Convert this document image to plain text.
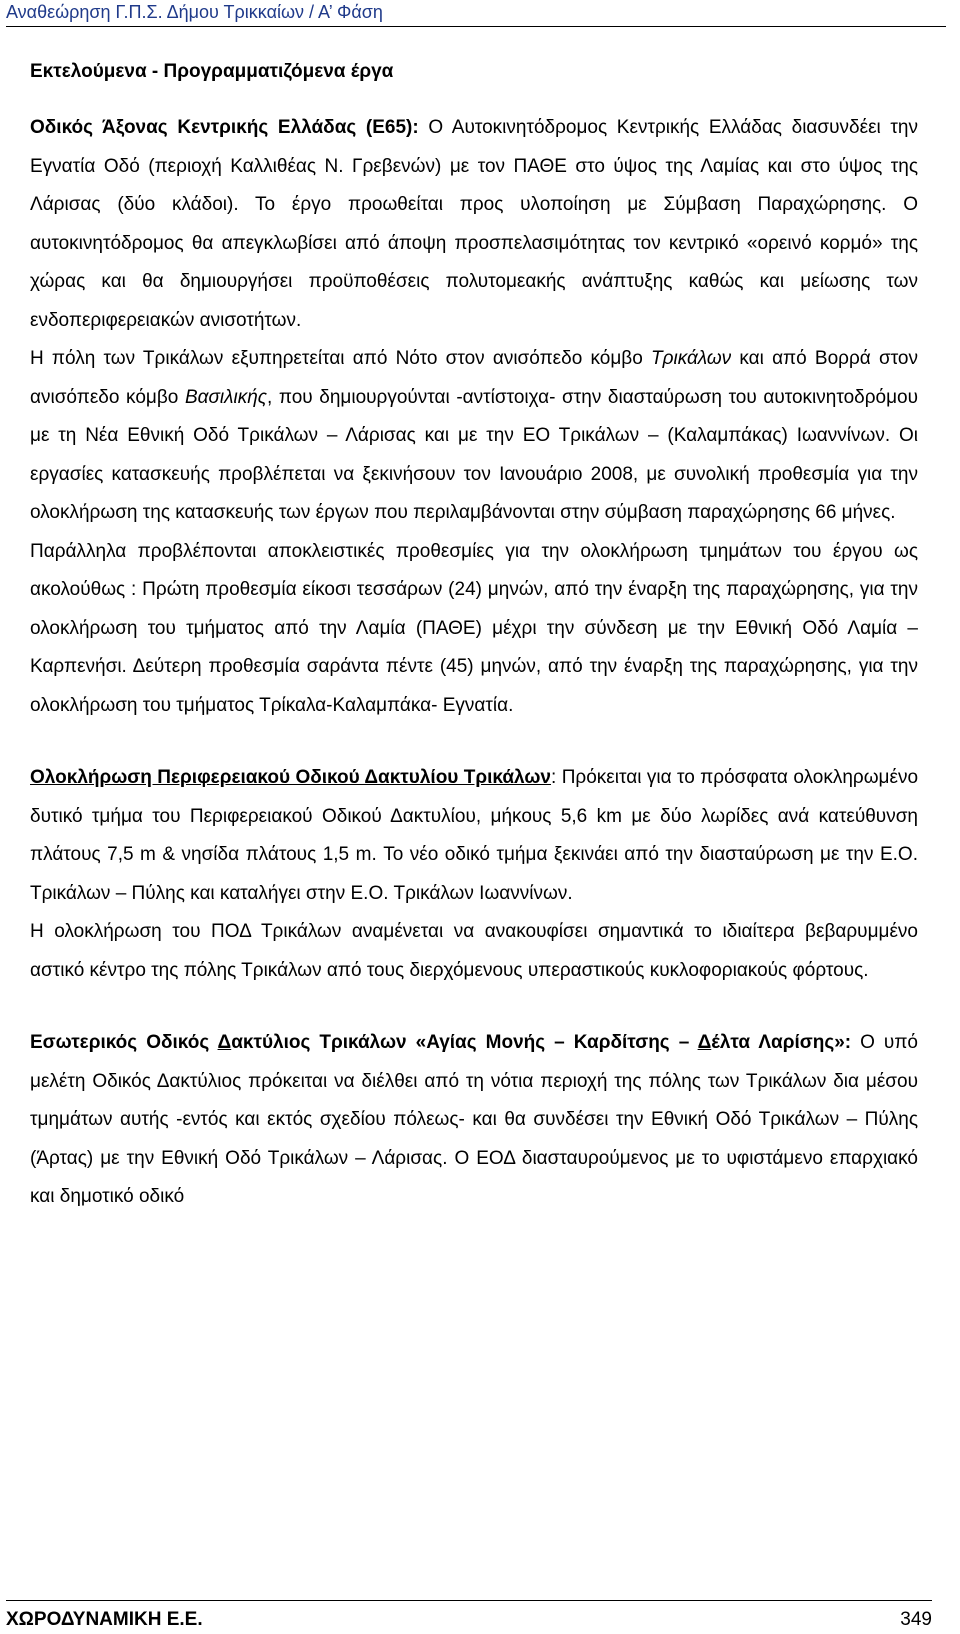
Αναθεώρηση Γ.Π.Σ. Δήμου Τρικκαίων / Α’ Φάση

Εκτελούμενα - Προγραμματιζόμενα έργα

Οδικός Άξονας Κεντρικής Ελλάδας (Ε65): Ο Αυτοκινητόδρομος Κεντρικής Ελλάδας διασυνδέει την Εγνατία Οδό (περιοχή Καλλιθέας Ν. Γρεβενών) με τον ΠΑΘΕ στο ύψος της Λαμίας και στο ύψος της Λάρισας (δύο κλάδοι). Το έργο προωθείται προς υλοποίηση με Σύμβαση Παραχώρησης. Ο αυτοκινητόδρομος θα απεγκλωβίσει από άποψη προσπελασιμότητας τον κεντρικό «ορεινό κορμό» της χώρας και θα δημιουργήσει προϋποθέσεις πολυτομεακής ανάπτυξης καθώς και μείωσης των ενδοπεριφερειακών ανισοτήτων.

Η πόλη των Τρικάλων εξυπηρετείται από Νότο στον ανισόπεδο κόμβο Τρικάλων και από Βορρά στον ανισόπεδο κόμβο Βασιλικής, που δημιουργούνται -αντίστοιχα- στην διασταύρωση του αυτοκινητοδρόμου με τη Νέα Εθνική Οδό Τρικάλων – Λάρισας και με την ΕΟ Τρικάλων – (Καλαμπάκας) Ιωαννίνων. Οι εργασίες κατασκευής προβλέπεται να ξεκινήσουν τον Ιανουάριο 2008, με συνολική προθεσμία για την ολοκλήρωση της κατασκευής των έργων που περιλαμβάνονται στην σύμβαση παραχώρησης 66 μήνες.

Παράλληλα προβλέπονται αποκλειστικές προθεσμίες για την ολοκλήρωση τμημάτων του έργου ως ακολούθως : Πρώτη προθεσμία είκοσι τεσσάρων (24) μηνών, από την έναρξη της παραχώρησης, για την ολοκλήρωση του τμήματος από την Λαμία (ΠΑΘΕ) μέχρι την σύνδεση με την Εθνική Οδό Λαμία –Καρπενήσι. Δεύτερη προθεσμία σαράντα πέντε (45) μηνών, από την έναρξη της παραχώρησης, για την ολοκλήρωση του τμήματος Τρίκαλα-Καλαμπάκα- Εγνατία.

Ολοκλήρωση Περιφερειακού Οδικού Δακτυλίου Τρικάλων: Πρόκειται για το πρόσφατα ολοκληρωμένο δυτικό τμήμα του Περιφερειακού Οδικού Δακτυλίου, μήκους 5,6 km με δύο λωρίδες ανά κατεύθυνση πλάτους 7,5 m & νησίδα πλάτους 1,5 m. Το νέο οδικό τμήμα ξεκινάει από την διασταύρωση με την Ε.Ο. Τρικάλων – Πύλης και καταλήγει στην Ε.Ο. Τρικάλων Ιωαννίνων.

Η ολοκλήρωση του ΠΟΔ Τρικάλων αναμένεται να ανακουφίσει σημαντικά το ιδιαίτερα βεβαρυμμένο αστικό κέντρο της πόλης Τρικάλων από τους διερχόμενους υπεραστικούς κυκλοφοριακούς φόρτους.

Εσωτερικός Οδικός Δακτύλιος Τρικάλων «Αγίας Μονής – Καρδίτσης – Δέλτα Λαρίσης»: Ο υπό μελέτη Οδικός Δακτύλιος πρόκειται να διέλθει από τη νότια περιοχή της πόλης των Τρικάλων δια μέσου τμημάτων αυτής -εντός και εκτός σχεδίου πόλεως- και θα συνδέσει την Εθνική Οδό Τρικάλων – Πύλης (Άρτας) με την Εθνική Οδό Τρικάλων – Λάρισας. Ο ΕΟΔ διασταυρούμενος με το υφιστάμενο επαρχιακό και δημοτικό οδικό

ΧΩΡΟΔΥΝΑΜΙΚΗ Ε.Ε.	349
